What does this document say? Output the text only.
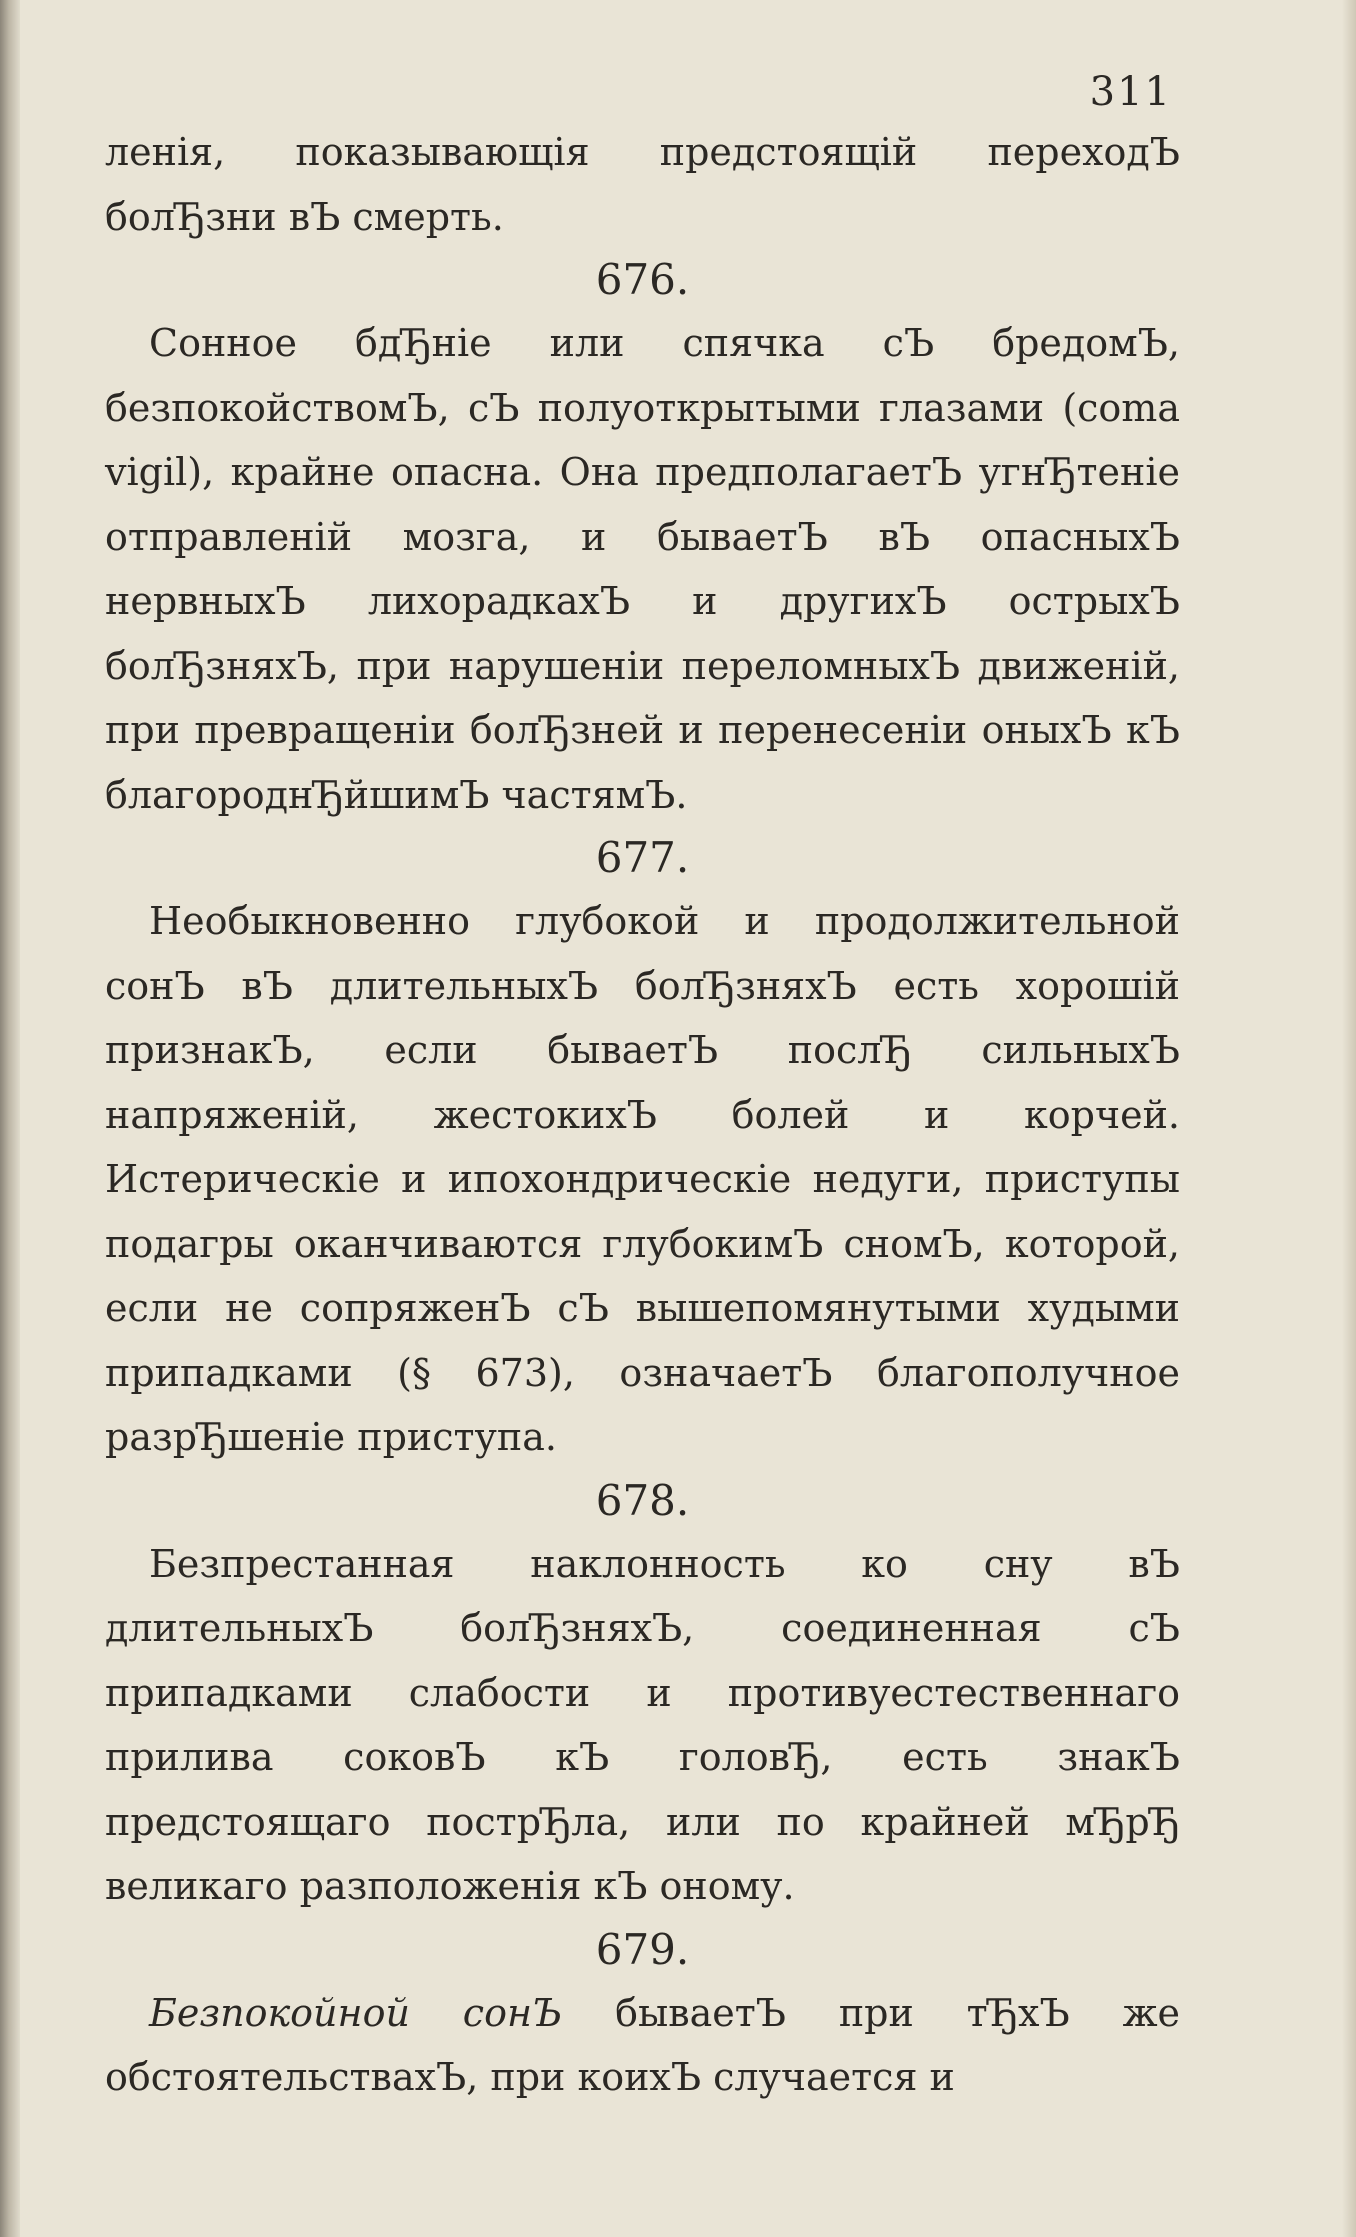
311

ленія, показывающія предстоящій переходЪ болЂзни вЪ смерть.

676.

Сонное бдЂніе или спячка сЪ бредомЪ, безпокойствомЪ, сЪ полуоткрытыми глазами (coma vigil), крайне опасна. Она предполагаетЪ угнЂтеніе отправленій мозга, и бываетЪ вЪ опасныхЪ нервныхЪ лихорадкахЪ и другихЪ острыхЪ болЂзняхЪ, при нарушеніи переломныхЪ движеній, при превращеніи болЂзней и перенесеніи оныхЪ кЪ благороднЂйшимЪ частямЪ.

677.

Необыкновенно глубокой и продолжительной сонЪ вЪ длительныхЪ болЂзняхЪ есть хорошій признакЪ, если бываетЪ послЂ сильныхЪ напряженій, жестокихЪ болей и корчей. Истерическіе и ипохондрическіе недуги, приступы подагры оканчиваются глубокимЪ сномЪ, которой, если не сопряженЪ сЪ вышепомянутыми худыми припадками (§ 673), означаетЪ благополучное разрЂшеніе приступа.

678.

Безпрестанная наклонность ко сну вЪ длительныхЪ болЂзняхЪ, соединенная сЪ припадками слабости и противуестественнаго прилива соковЪ кЪ головЂ, есть знакЪ предстоящаго пострЂла, или по крайней мЂрЂ великаго разположенія кЪ оному.

679.

Безпокойной сонЪ бываетЪ при тЂхЪ же обстоятельствахЪ, при коихЪ случается и
